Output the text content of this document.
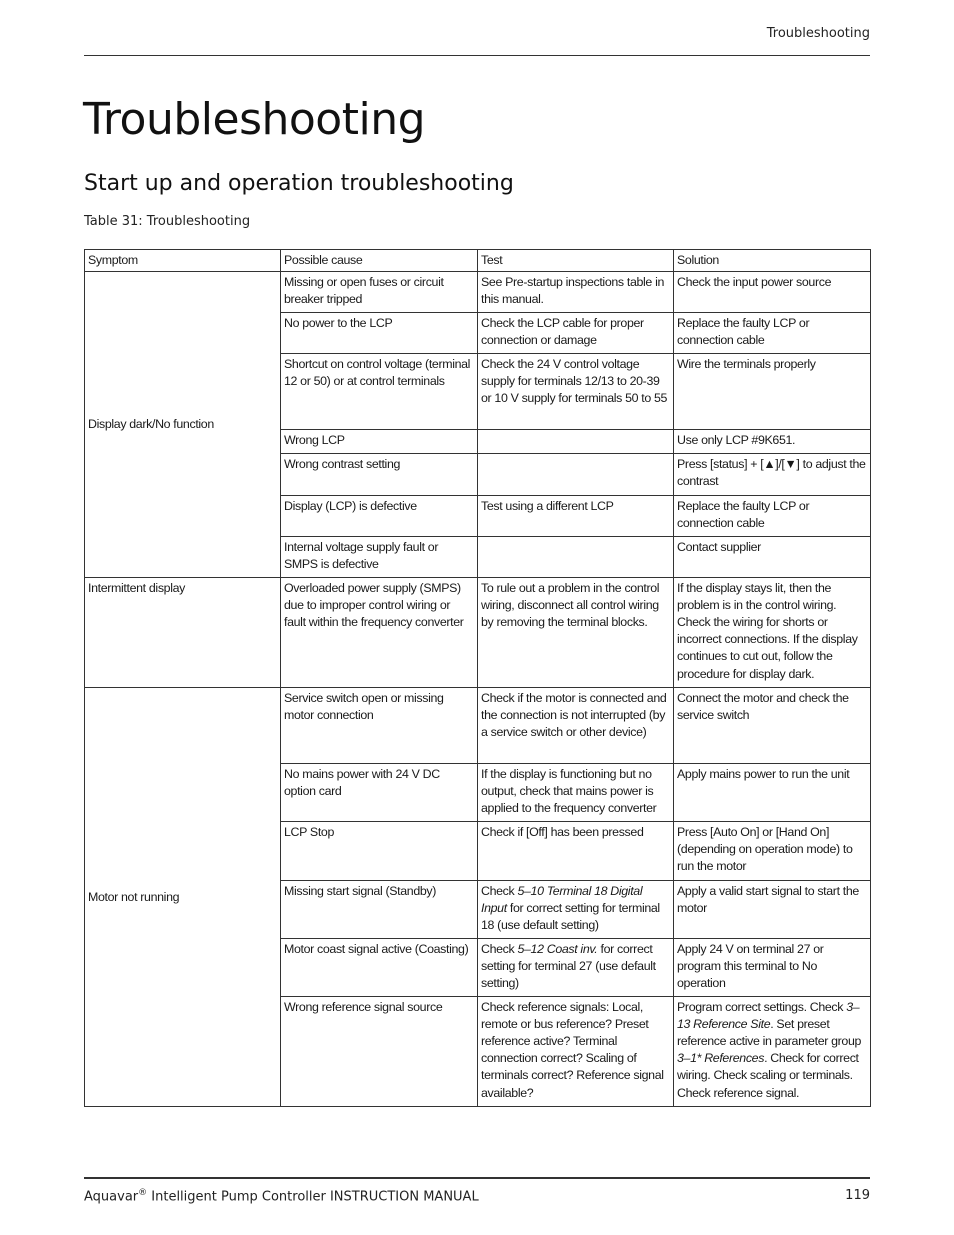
Troubleshooting
Troubleshooting
Start up and operation troubleshooting
Table 31: Troubleshooting
Symptom	Possible cause	Test	Solution
Display dark/No function	Missing or open fuses or circuit breaker tripped	See Pre-startup inspections table in this manual.	Check the input power source
	No power to the LCP	Check the LCP cable for proper connection or damage	Replace the faulty LCP or connection cable
	Shortcut on control voltage (terminal 12 or 50) or at control terminals	Check the 24 V control voltage supply for terminals 12/13 to 20-39 or 10 V supply for terminals 50 to 55	Wire the terminals properly
	Wrong LCP		Use only LCP #9K651.
	Wrong contrast setting		Press [status] + [▲]/[▼] to adjust the contrast
	Display (LCP) is defective	Test using a different LCP	Replace the faulty LCP or connection cable
	Internal voltage supply fault or SMPS is defective		Contact supplier
Intermittent display	Overloaded power supply (SMPS) due to improper control wiring or fault within the frequency converter	To rule out a problem in the control wiring, disconnect all control wiring by removing the terminal blocks.	If the display stays lit, then the problem is in the control wiring. Check the wiring for shorts or incorrect connections. If the display continues to cut out, follow the procedure for display dark.
Motor not running	Service switch open or missing motor connection	Check if the motor is connected and the connection is not interrupted (by a service switch or other device)	Connect the motor and check the service switch
	No mains power with 24 V DC option card	If the display is functioning but no output, check that mains power is applied to the frequency converter	Apply mains power to run the unit
	LCP Stop	Check if [Off] has been pressed	Press [Auto On] or [Hand On] (depending on operation mode) to run the motor
	Missing start signal (Standby)	Check 5–10 Terminal 18 Digital Input for correct setting for terminal 18 (use default setting)	Apply a valid start signal to start the motor
	Motor coast signal active (Coasting)	Check 5–12 Coast inv. for correct setting for terminal 27 (use default setting)	Apply 24 V on terminal 27 or program this terminal to No operation
	Wrong reference signal source	Check reference signals: Local, remote or bus reference? Preset reference active? Terminal connection correct? Scaling of terminals correct? Reference signal available?	Program correct settings. Check 3–13 Reference Site. Set preset reference active in parameter group 3–1* References. Check for correct wiring. Check scaling or terminals. Check reference signal.
Aquavar® Intelligent Pump Controller INSTRUCTION MANUAL	119
